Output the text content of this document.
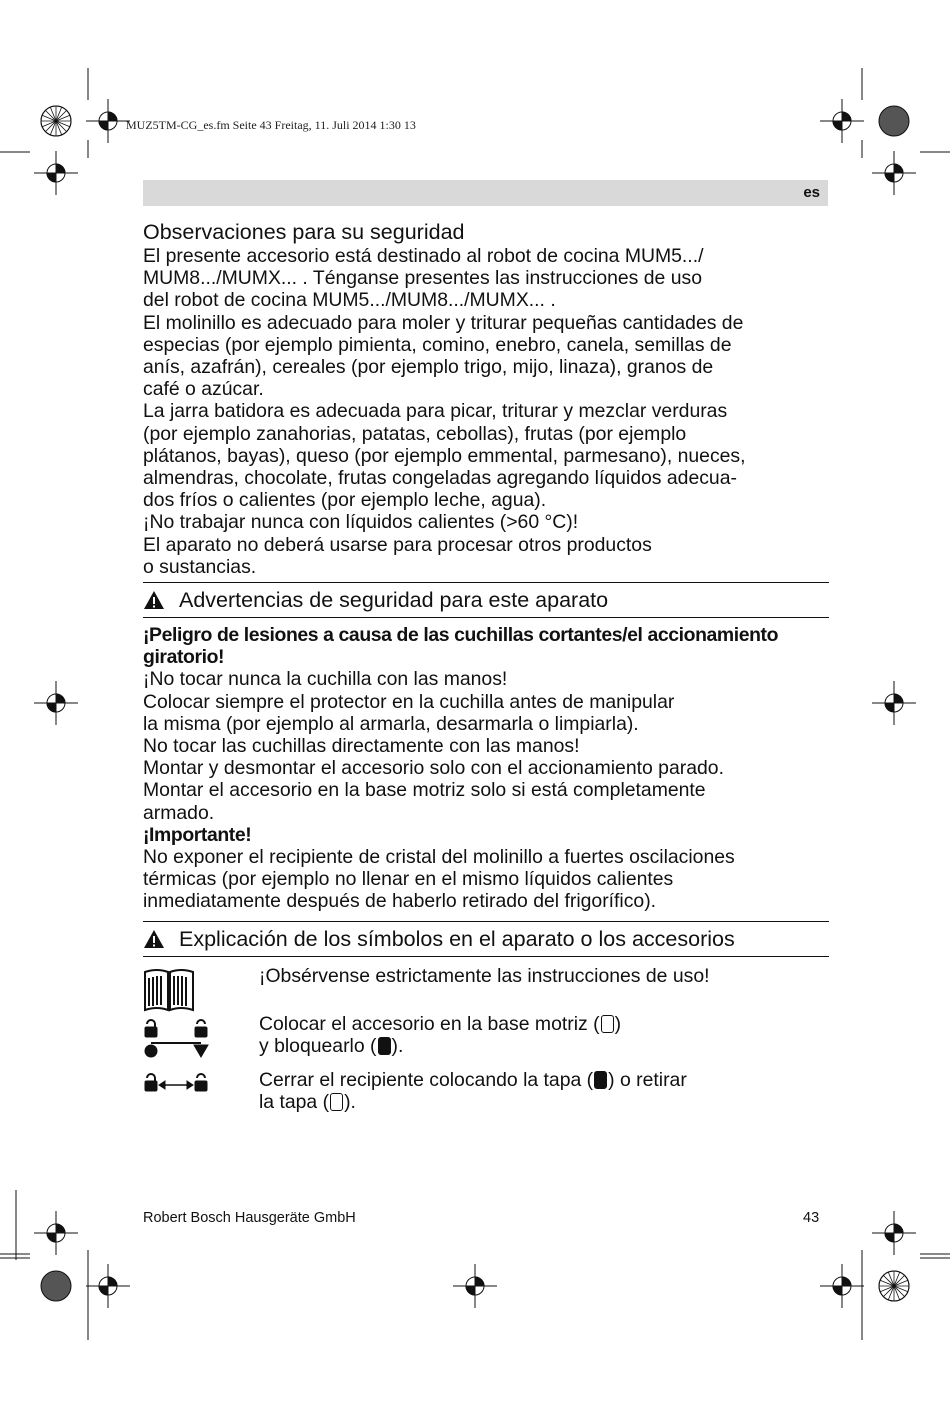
MUZ5TM-CG_es.fm Seite 43 Freitag, 11. Juli 2014 1:30 13
es
Observaciones para su seguridad
El presente accesorio está destinado al robot de cocina MUM5.../
MUM8.../MUMX... . Ténganse presentes las instrucciones de uso
del robot de cocina MUM5.../MUM8.../MUMX... .
El molinillo es adecuado para moler y triturar pequeñas cantidades de
especias (por ejemplo pimienta, comino, enebro, canela, semillas de
anís, azafrán), cereales (por ejemplo trigo, mijo, linaza), granos de
café o azúcar.
La jarra batidora es adecuada para picar, triturar y mezclar verduras
(por ejemplo zanahorias, patatas, cebollas), frutas (por ejemplo
plátanos, bayas), queso (por ejemplo emmental, parmesano), nueces,
almendras, chocolate, frutas congeladas agregando líquidos adecua-
dos fríos o calientes (por ejemplo leche, agua).
¡No trabajar nunca con líquidos calientes (>60 °C)!
El aparato no deberá usarse para procesar otros productos
o sustancias.
Advertencias de seguridad para este aparato
¡Peligro de lesiones a causa de las cuchillas cortantes/el accionamiento
giratorio!
¡No tocar nunca la cuchilla con las manos!
Colocar siempre el protector en la cuchilla antes de manipular
la misma (por ejemplo al armarla, desarmarla o limpiarla).
No tocar las cuchillas directamente con las manos!
Montar y desmontar el accesorio solo con el accionamiento parado.
Montar el accesorio en la base motriz solo si está completamente
armado.
¡Importante!
No exponer el recipiente de cristal del molinillo a fuertes oscilaciones
térmicas (por ejemplo no llenar en el mismo líquidos calientes
inmediatamente después de haberlo retirado del frigorífico).
Explicación de los símbolos en el aparato o los accesorios
¡Obsérvense estrictamente las instrucciones de uso!
Colocar el accesorio en la base motriz ( )
y bloquearlo ( ).
Cerrar el recipiente colocando la tapa ( ) o retirar
la tapa ( ).
Robert Bosch Hausgeräte GmbH	43
